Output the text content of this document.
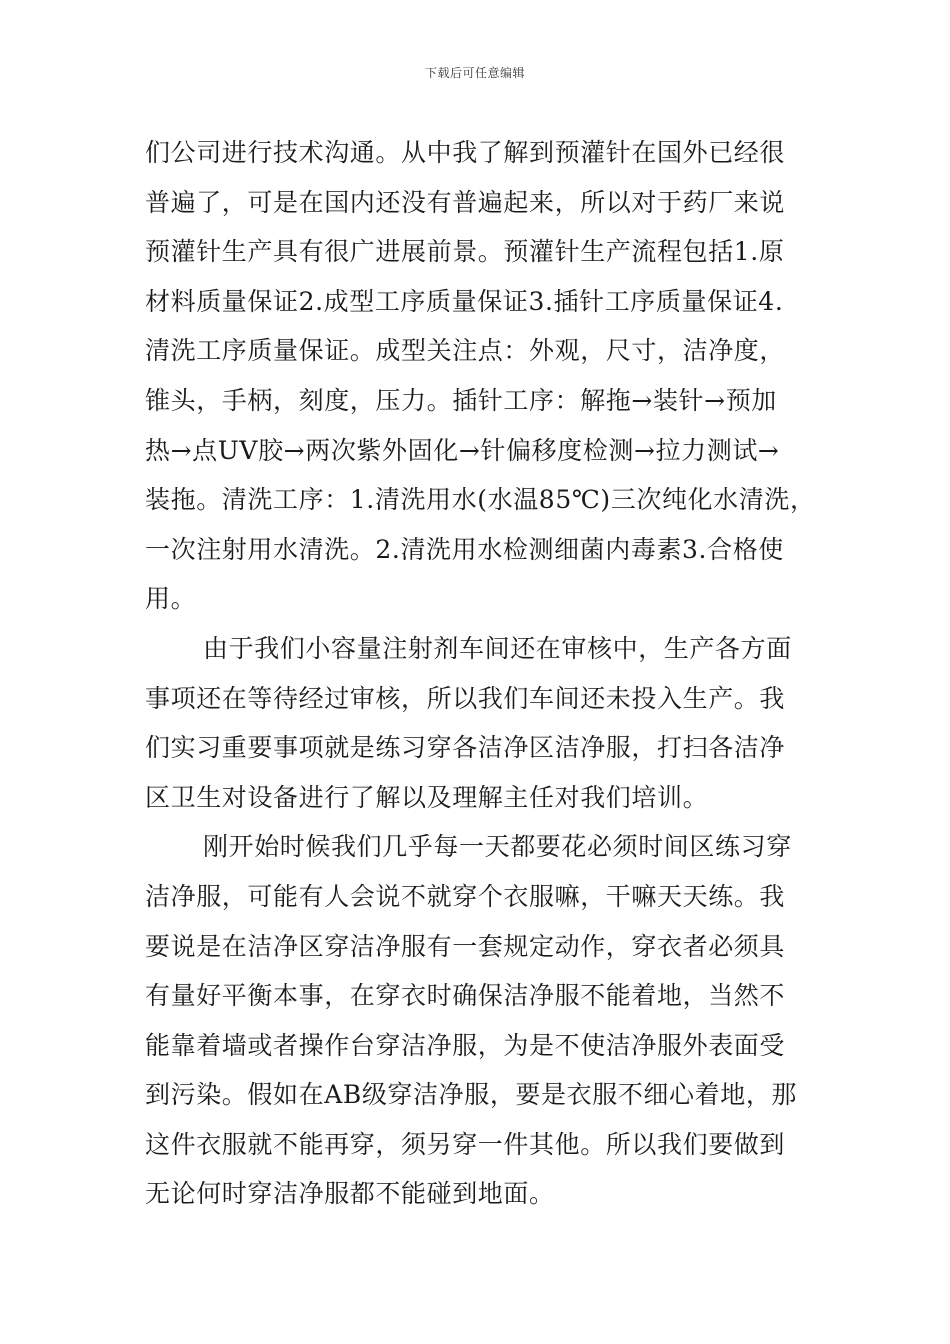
下载后可任意编辑
们公司进行技术沟通。从中我了解到预灌针在国外已经很
普遍了，可是在国内还没有普遍起来，所以对于药厂来说
预灌针生产具有很广进展前景。预灌针生产流程包括1.原
材料质量保证2.成型工序质量保证3.插针工序质量保证4.
清洗工序质量保证。成型关注点：外观，尺寸，洁净度，
锥头，手柄，刻度，压力。插针工序：解拖→装针→预加
热→点UV胶→两次紫外固化→针偏移度检测→拉力测试→
装拖。清洗工序：1.清洗用水(水温85℃)三次纯化水清洗，
一次注射用水清洗。2.清洗用水检测细菌内毒素3.合格使
用。
由于我们小容量注射剂车间还在审核中，生产各方面
事项还在等待经过审核，所以我们车间还未投入生产。我
们实习重要事项就是练习穿各洁净区洁净服，打扫各洁净
区卫生对设备进行了解以及理解主任对我们培训。
刚开始时候我们几乎每一天都要花必须时间区练习穿
洁净服，可能有人会说不就穿个衣服嘛，干嘛天天练。我
要说是在洁净区穿洁净服有一套规定动作，穿衣者必须具
有量好平衡本事，在穿衣时确保洁净服不能着地，当然不
能靠着墙或者操作台穿洁净服，为是不使洁净服外表面受
到污染。假如在AB级穿洁净服，要是衣服不细心着地，那
这件衣服就不能再穿，须另穿一件其他。所以我们要做到
无论何时穿洁净服都不能碰到地面。
